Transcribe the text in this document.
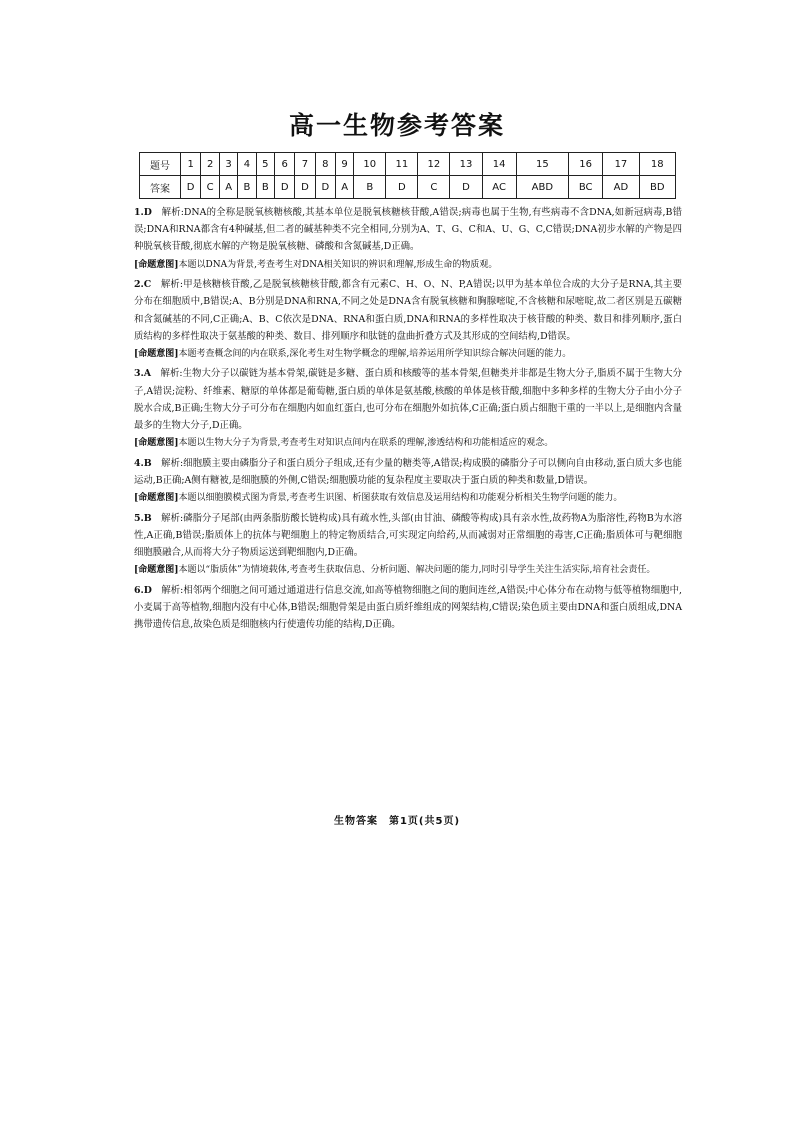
高一生物参考答案
题号	1	2	3	4	5	6	7	8	9	10	11	12	13	14	15	16	17	18
答案	D	C	A	B	B	D	D	D	A	B	D	C	D	AC	ABD	BC	AD	BD

1.D　 解析:DNA的全称是脱氧核糖核酸,其基本单位是脱氧核糖核苷酸,A错误;病毒也属于生物,有些病毒不含DNA,如新冠病毒,B错误;DNA和RNA都含有4种碱基,但二者的碱基种类不完全相同,分别为A、T、G、C和A、U、G、C,C错误;DNA初步水解的产物是四种脱氧核苷酸,彻底水解的产物是脱氧核糖、磷酸和含氮碱基,D正确。

[命题意图]本题以DNA为背景,考查考生对DNA相关知识的辨识和理解,形成生命的物质观。

2.C　 解析:甲是核糖核苷酸,乙是脱氧核糖核苷酸,都含有元素C、H、O、N、P,A错误;以甲为基本单位合成的大分子是RNA,其主要分布在细胞质中,B错误;A、B分别是DNA和RNA,不同之处是DNA含有脱氧核糖和胸腺嘧啶,不含核糖和尿嘧啶,故二者区别是五碳糖和含氮碱基的不同,C正确;A、B、C依次是DNA、RNA和蛋白质,DNA和RNA的多样性取决于核苷酸的种类、数目和排列顺序,蛋白质结构的多样性取决于氨基酸的种类、数目、排列顺序和肽链的盘曲折叠方式及其形成的空间结构,D错误。

[命题意图]本题考查概念间的内在联系,深化考生对生物学概念的理解,培养运用所学知识综合解决问题的能力。

3.A　 解析:生物大分子以碳链为基本骨架,碳链是多糖、蛋白质和核酸等的基本骨架,但糖类并非都是生物大分子,脂质不属于生物大分子,A错误;淀粉、纤维素、糖原的单体都是葡萄糖,蛋白质的单体是氨基酸,核酸的单体是核苷酸,细胞中多种多样的生物大分子由小分子脱水合成,B正确;生物大分子可分布在细胞内如血红蛋白,也可分布在细胞外如抗体,C正确;蛋白质占细胞干重的一半以上,是细胞内含量最多的生物大分子,D正确。

[命题意图]本题以生物大分子为背景,考查考生对知识点间内在联系的理解,渗透结构和功能相适应的观念。

4.B　 解析:细胞膜主要由磷脂分子和蛋白质分子组成,还有少量的糖类等,A错误;构成膜的磷脂分子可以侧向自由移动,蛋白质大多也能运动,B正确;A侧有糖被,是细胞膜的外侧,C错误;细胞膜功能的复杂程度主要取决于蛋白质的种类和数量,D错误。

[命题意图]本题以细胞膜模式图为背景,考查考生识图、析图获取有效信息及运用结构和功能观分析相关生物学问题的能力。

5.B　 解析:磷脂分子尾部(由两条脂肪酸长链构成)具有疏水性,头部(由甘油、磷酸等构成)具有亲水性,故药物A为脂溶性,药物B为水溶性,A正确,B错误;脂质体上的抗体与靶细胞上的特定物质结合,可实现定向给药,从而减弱对正常细胞的毒害,C正确;脂质体可与靶细胞细胞膜融合,从而将大分子物质运送到靶细胞内,D正确。

[命题意图]本题以“脂质体”为情境载体,考查考生获取信息、分析问题、解决问题的能力,同时引导学生关注生活实际,培育社会责任。

6.D　 解析:相邻两个细胞之间可通过通道进行信息交流,如高等植物细胞之间的胞间连丝,A错误;中心体分布在动物与低等植物细胞中,小麦属于高等植物,细胞内没有中心体,B错误;细胞骨架是由蛋白质纤维组成的网架结构,C错误;染色质主要由DNA和蛋白质组成,DNA携带遗传信息,故染色质是细胞核内行使遗传功能的结构,D正确。

生物答案　第1页(共5页)
